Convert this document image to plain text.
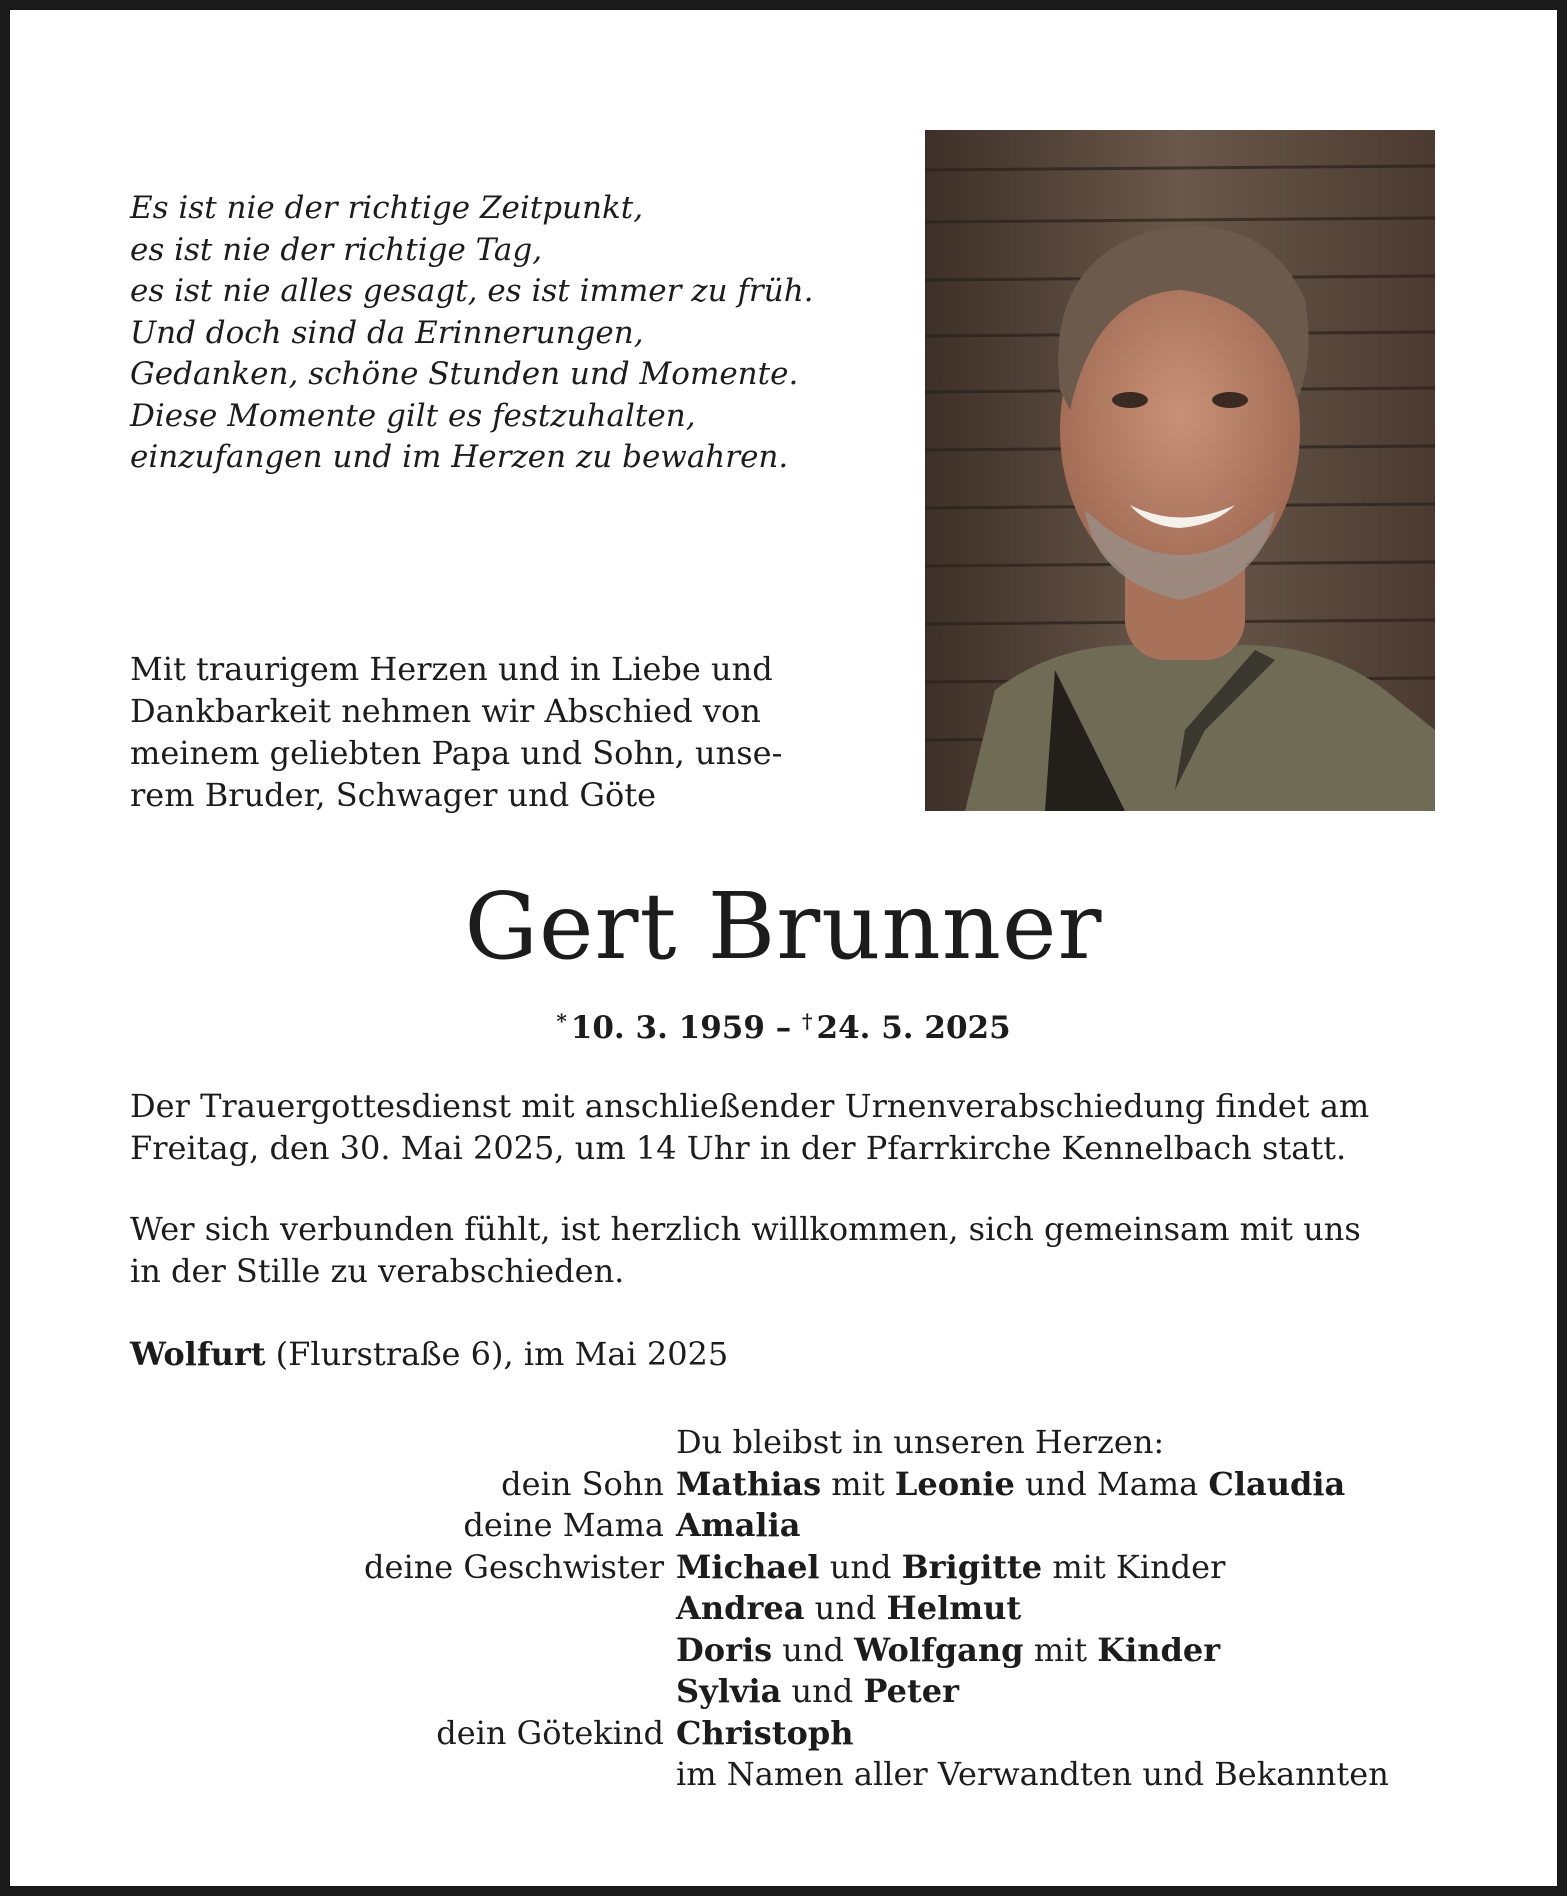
Es ist nie der richtige Zeitpunkt,
es ist nie der richtige Tag,
es ist nie alles gesagt, es ist immer zu früh.
Und doch sind da Erinnerungen,
Gedanken, schöne Stunden und Momente.
Diese Momente gilt es festzuhalten,
einzufangen und im Herzen zu bewahren.
Mit traurigem Herzen und in Liebe und
Dankbarkeit nehmen wir Abschied von
meinem geliebten Papa und Sohn, unse-
rem Bruder, Schwager und Göte
Gert Brunner
* 10. 3. 1959 – † 24. 5. 2025
Der Trauergottesdienst mit anschließender Urnenverabschiedung findet am
Freitag, den 30. Mai 2025, um 14 Uhr in der Pfarrkirche Kennelbach statt.
Wer sich verbunden fühlt, ist herzlich willkommen, sich gemeinsam mit uns
in der Stille zu verabschieden.
Wolfurt (Flurstraße 6), im Mai 2025
Du bleibst in unseren Herzen:
dein Sohn Mathias mit Leonie und Mama Claudia
deine Mama Amalia
deine Geschwister Michael und Brigitte mit Kinder
Andrea und Helmut
Doris und Wolfgang mit Kinder
Sylvia und Peter
dein Götekind Christoph
im Namen aller Verwandten und Bekannten
